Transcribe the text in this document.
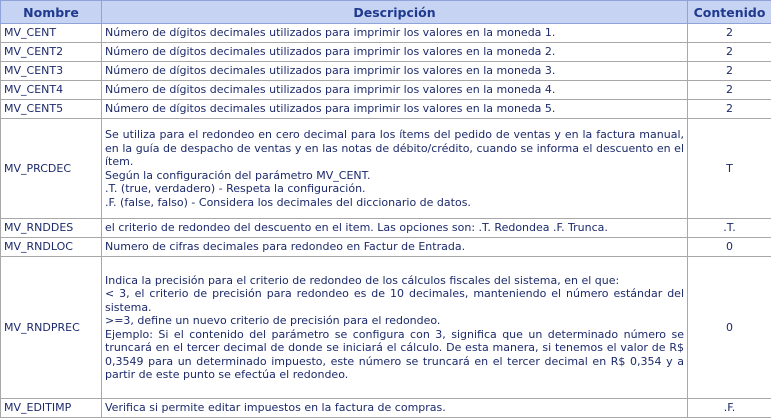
Nombre	Descripción	Contenido
MV_CENT	Número de dígitos decimales utilizados para imprimir los valores en la moneda 1.	2
MV_CENT2	Número de dígitos decimales utilizados para imprimir los valores en la moneda 2.	2
MV_CENT3	Número de dígitos decimales utilizados para imprimir los valores en la moneda 3.	2
MV_CENT4	Número de dígitos decimales utilizados para imprimir los valores en la moneda 4.	2
MV_CENT5	Número de dígitos decimales utilizados para imprimir los valores en la moneda 5.	2
MV_PRCDEC	Se utiliza para el redondeo en cero decimal para los ítems del pedido de ventas y en la factura manual, en la guía de despacho de ventas y en las notas de débito/crédito, cuando se informa el descuento en el ítem.
Según la configuración del parámetro MV_CENT.
.T. (true, verdadero) - Respeta la configuración.
.F. (false, falso) - Considera los decimales del diccionario de datos.	T
MV_RNDDES	el criterio de redondeo del descuento en el item. Las opciones son: .T. Redondea .F. Trunca.	.T.
MV_RNDLOC	Numero de cifras decimales para redondeo en Factur de Entrada.	0
MV_RNDPREC	Indica la precisión para el criterio de redondeo de los cálculos fiscales del sistema, en el que:
< 3, el criterio de precisión para redondeo es de 10 decimales, manteniendo el número estándar del sistema.
>=3, define un nuevo criterio de precisión para el redondeo.
Ejemplo: Si el contenido del parámetro se configura con 3, significa que un determinado número se truncará en el tercer decimal de donde se iniciará el cálculo. De esta manera, si tenemos el valor de R$ 0,3549 para un determinado impuesto, este número se truncará en el tercer decimal en R$ 0,354 y a partir de este punto se efectúa el redondeo.	0
MV_EDITIMP	Verifica si permite editar impuestos en la factura de compras.	.F.
